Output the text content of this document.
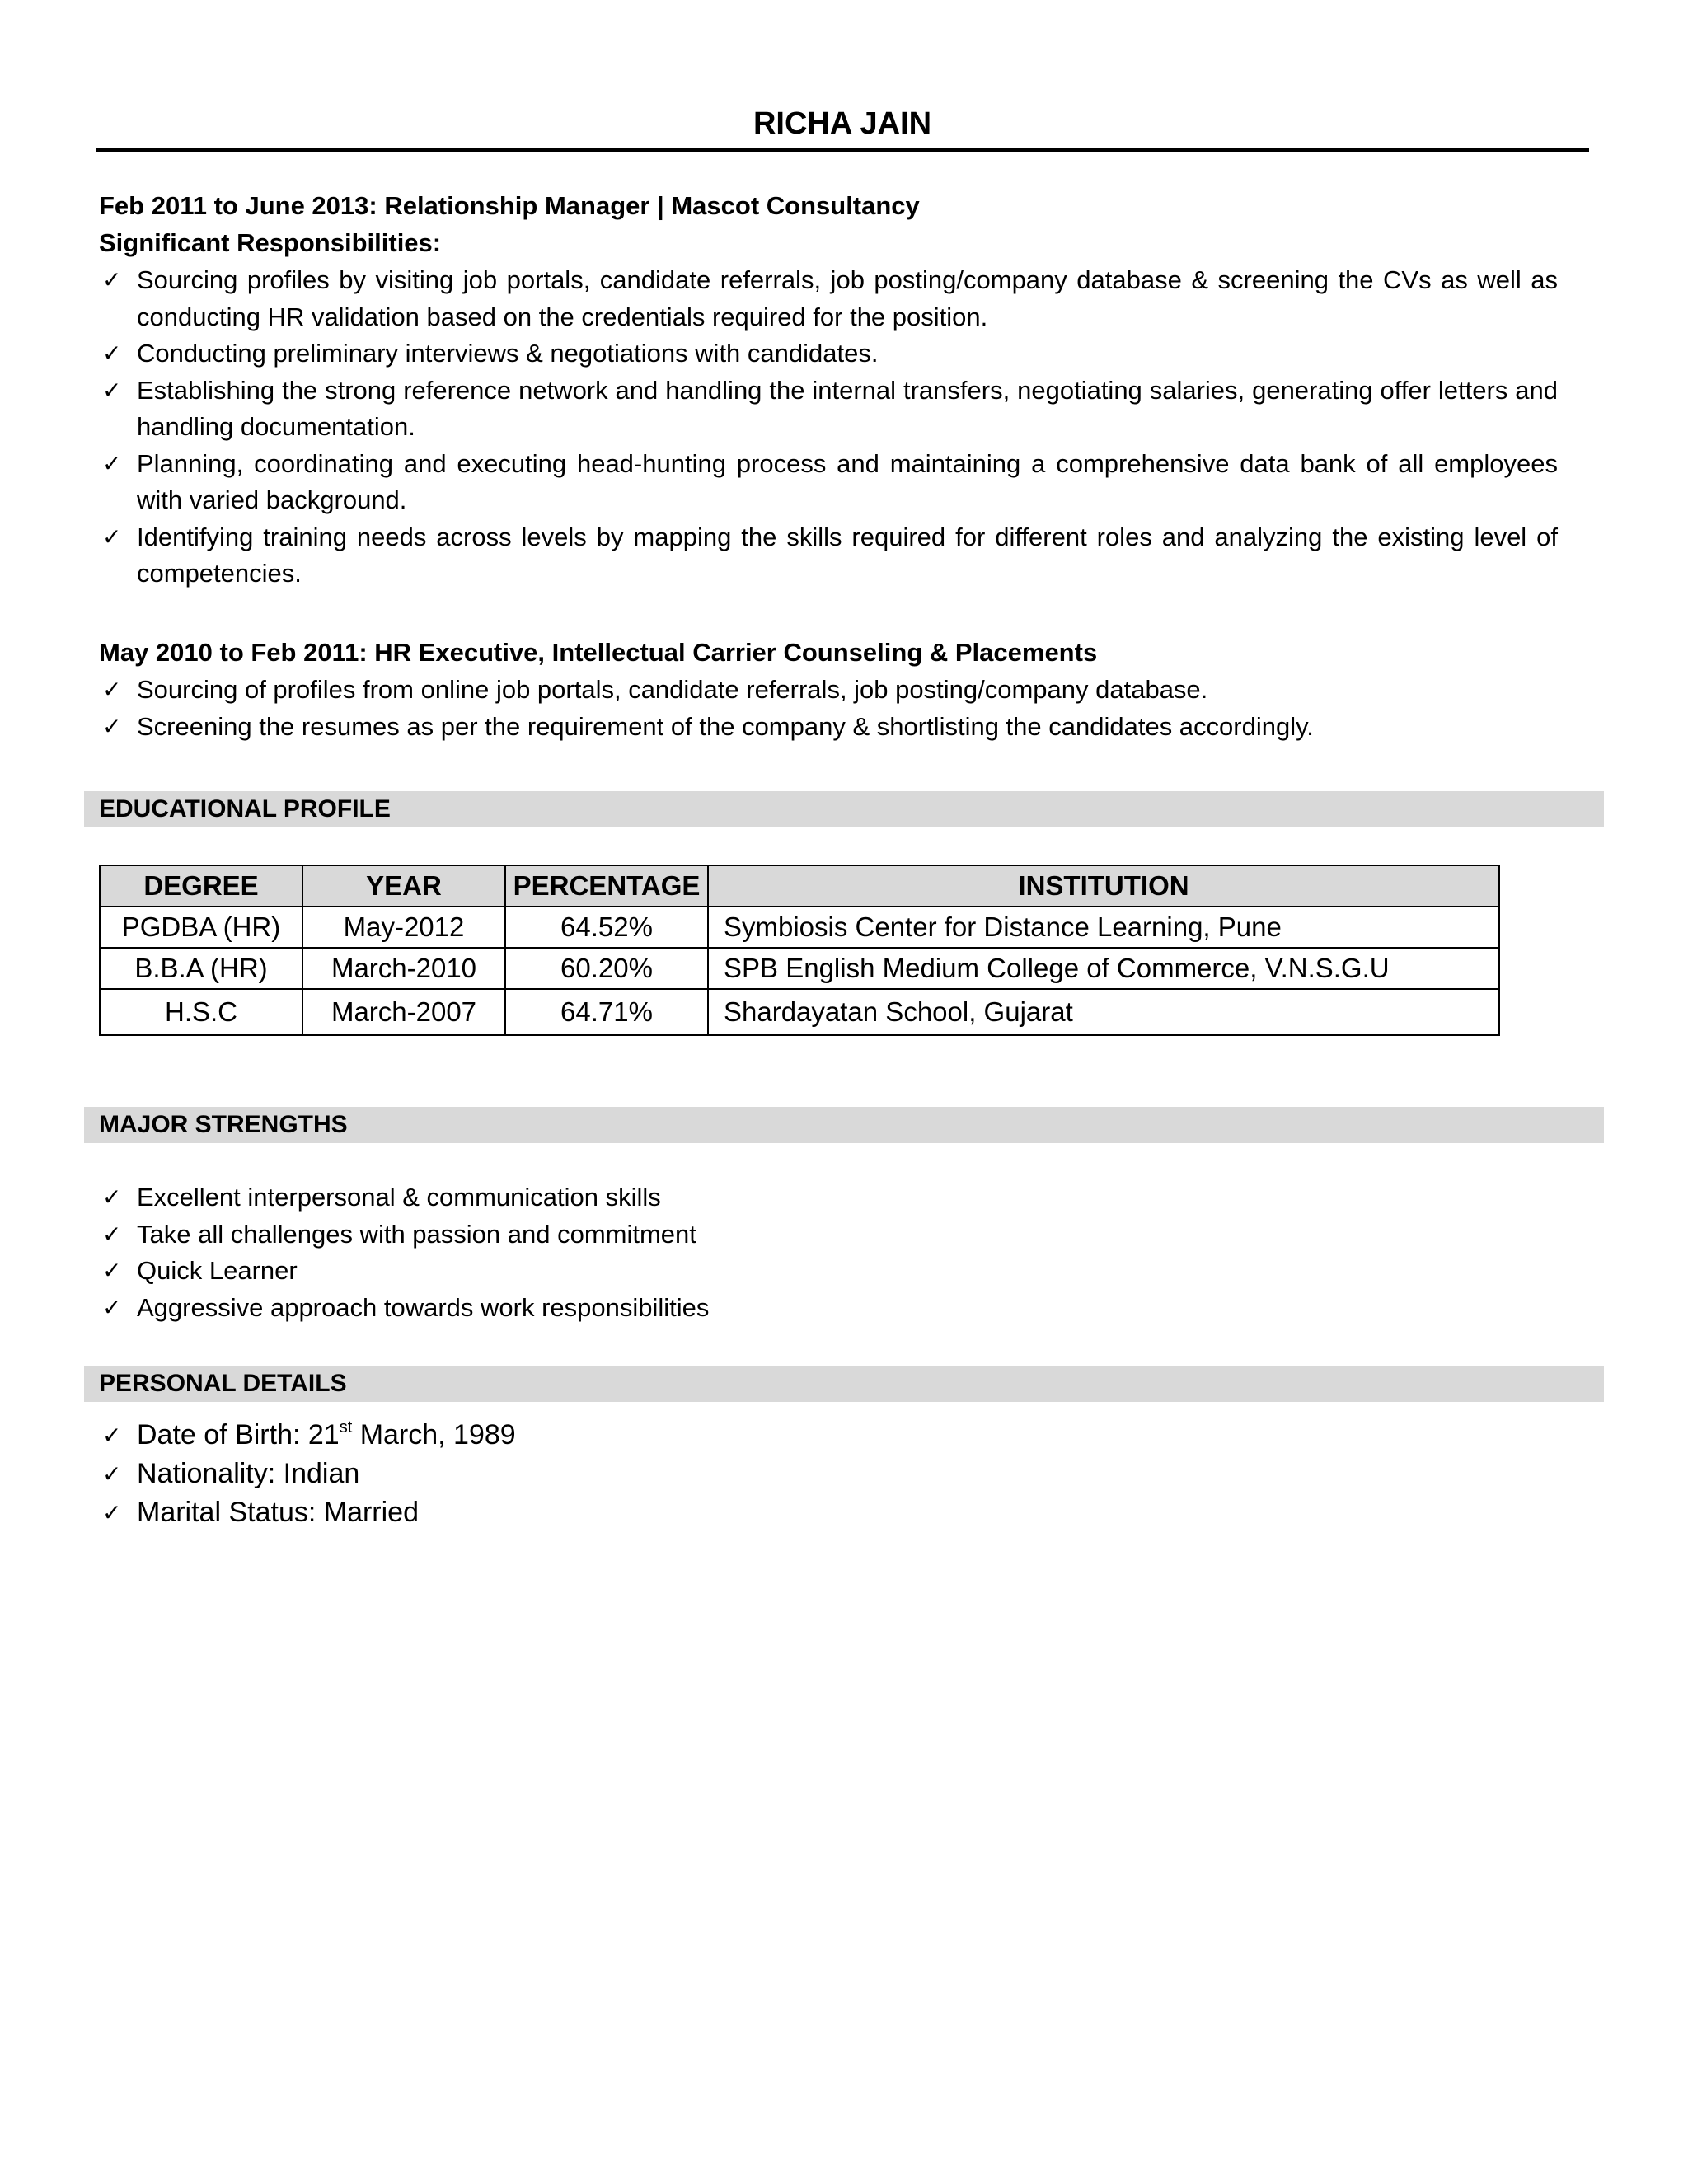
RICHA JAIN
Feb 2011 to June 2013: Relationship Manager | Mascot Consultancy
Significant Responsibilities:
✓ Sourcing profiles by visiting job portals, candidate referrals, job posting/company database & screening the CVs as well as conducting HR validation based on the credentials required for the position.
✓ Conducting preliminary interviews & negotiations with candidates.
✓ Establishing the strong reference network and handling the internal transfers, negotiating salaries, generating offer letters and handling documentation.
✓ Planning, coordinating and executing head-hunting process and maintaining a comprehensive data bank of all employees with varied background.
✓ Identifying training needs across levels by mapping the skills required for different roles and analyzing the existing level of competencies.
May 2010 to Feb 2011: HR Executive, Intellectual Carrier Counseling & Placements
✓ Sourcing of profiles from online job portals, candidate referrals, job posting/company database.
✓ Screening the resumes as per the requirement of the company & shortlisting the candidates accordingly.
EDUCATIONAL PROFILE
DEGREE	YEAR	PERCENTAGE	INSTITUTION
PGDBA (HR)	May-2012	64.52%	Symbiosis Center for Distance Learning, Pune
B.B.A (HR)	March-2010	60.20%	SPB English Medium College of Commerce, V.N.S.G.U
H.S.C	March-2007	64.71%	Shardayatan School, Gujarat
MAJOR STRENGTHS
✓ Excellent interpersonal & communication skills
✓ Take all challenges with passion and commitment
✓ Quick Learner
✓ Aggressive approach towards work responsibilities
PERSONAL DETAILS
✓ Date of Birth: 21st March, 1989
✓ Nationality: Indian
✓ Marital Status: Married
